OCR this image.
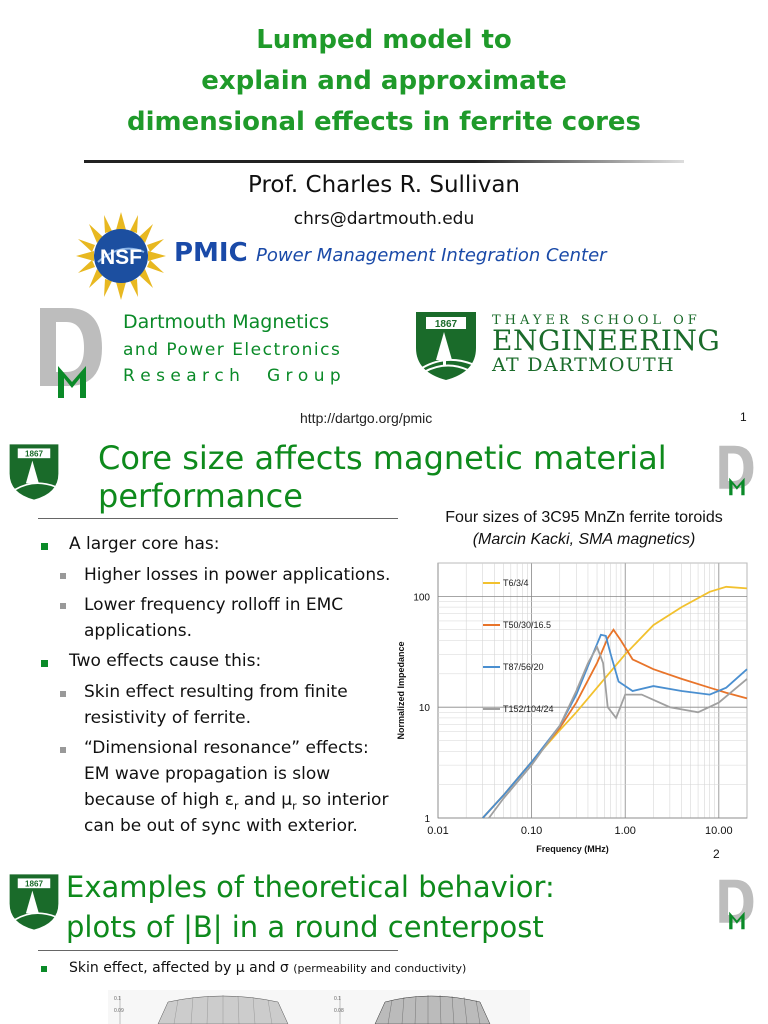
Lumped model to
explain and approximate
dimensional effects in ferrite cores
Prof. Charles R. Sullivan
chrs@dartmouth.edu
NSF PMIC Power Management Integration Center
Dartmouth Magnetics
and Power Electronics
R e s e a r c h     G r o u p
1867	THAYER SCHOOL OF
ENGINEERING
AT DARTMOUTH
http://dartgo.org/pmic	1
1867 Core size affects magnetic material
performance
A larger core has:
Higher losses in power applications.
Lower frequency rolloff in EMC
applications.
Two effects cause this:
Skin effect resulting from finite
resistivity of ferrite.
“Dimensional resonance” effects:
EM wave propagation is slow
because of high $\varepsilon_r$ and $\mu_r$ so interior
can be out of sync with exterior.
Four sizes of 3C95 MnZn ferrite toroids
(Marcin Kacki, SMA magnetics)
0.01	0.10	1.00	10.00
1
10
100
Frequency (MHz)
Normalized Impedance
T6/3/4
T50/30/16.5
T87/56/20
T152/104/24
2
1867 Examples of theoretical behavior:
plots of |B| in a round centerpost
Skin effect, affected by μ and σ (permeability and conductivity)
0.1
0.09
0.1
0.08
